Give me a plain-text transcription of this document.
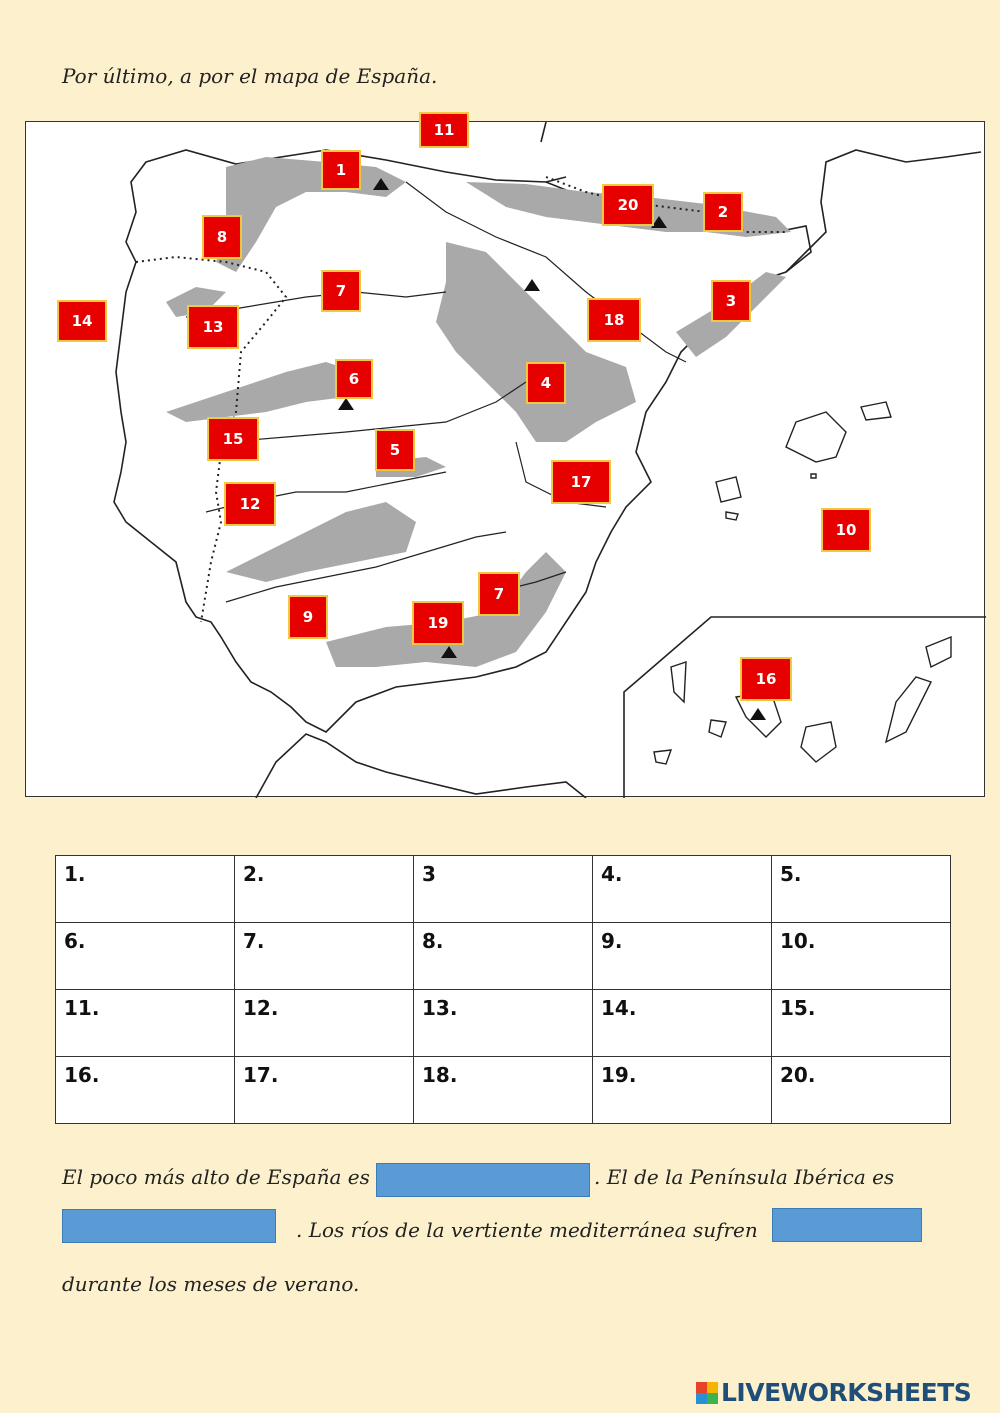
Por último, a por el mapa de España.
11
1
20	2
8
7
3
14	13	18
6	4
15
5
17
12
10
7
9	19
16
1.	2.	3	4.	5.
6.	7.	8.	9.	10.
11.	12.	13.	14.	15.
16.	17.	18.	19.	20.
El poco más alto de España es	. El de la Península Ibérica es
. Los ríos de la vertiente mediterránea sufren
durante los meses de verano.
LIVEWORKSHEETS
